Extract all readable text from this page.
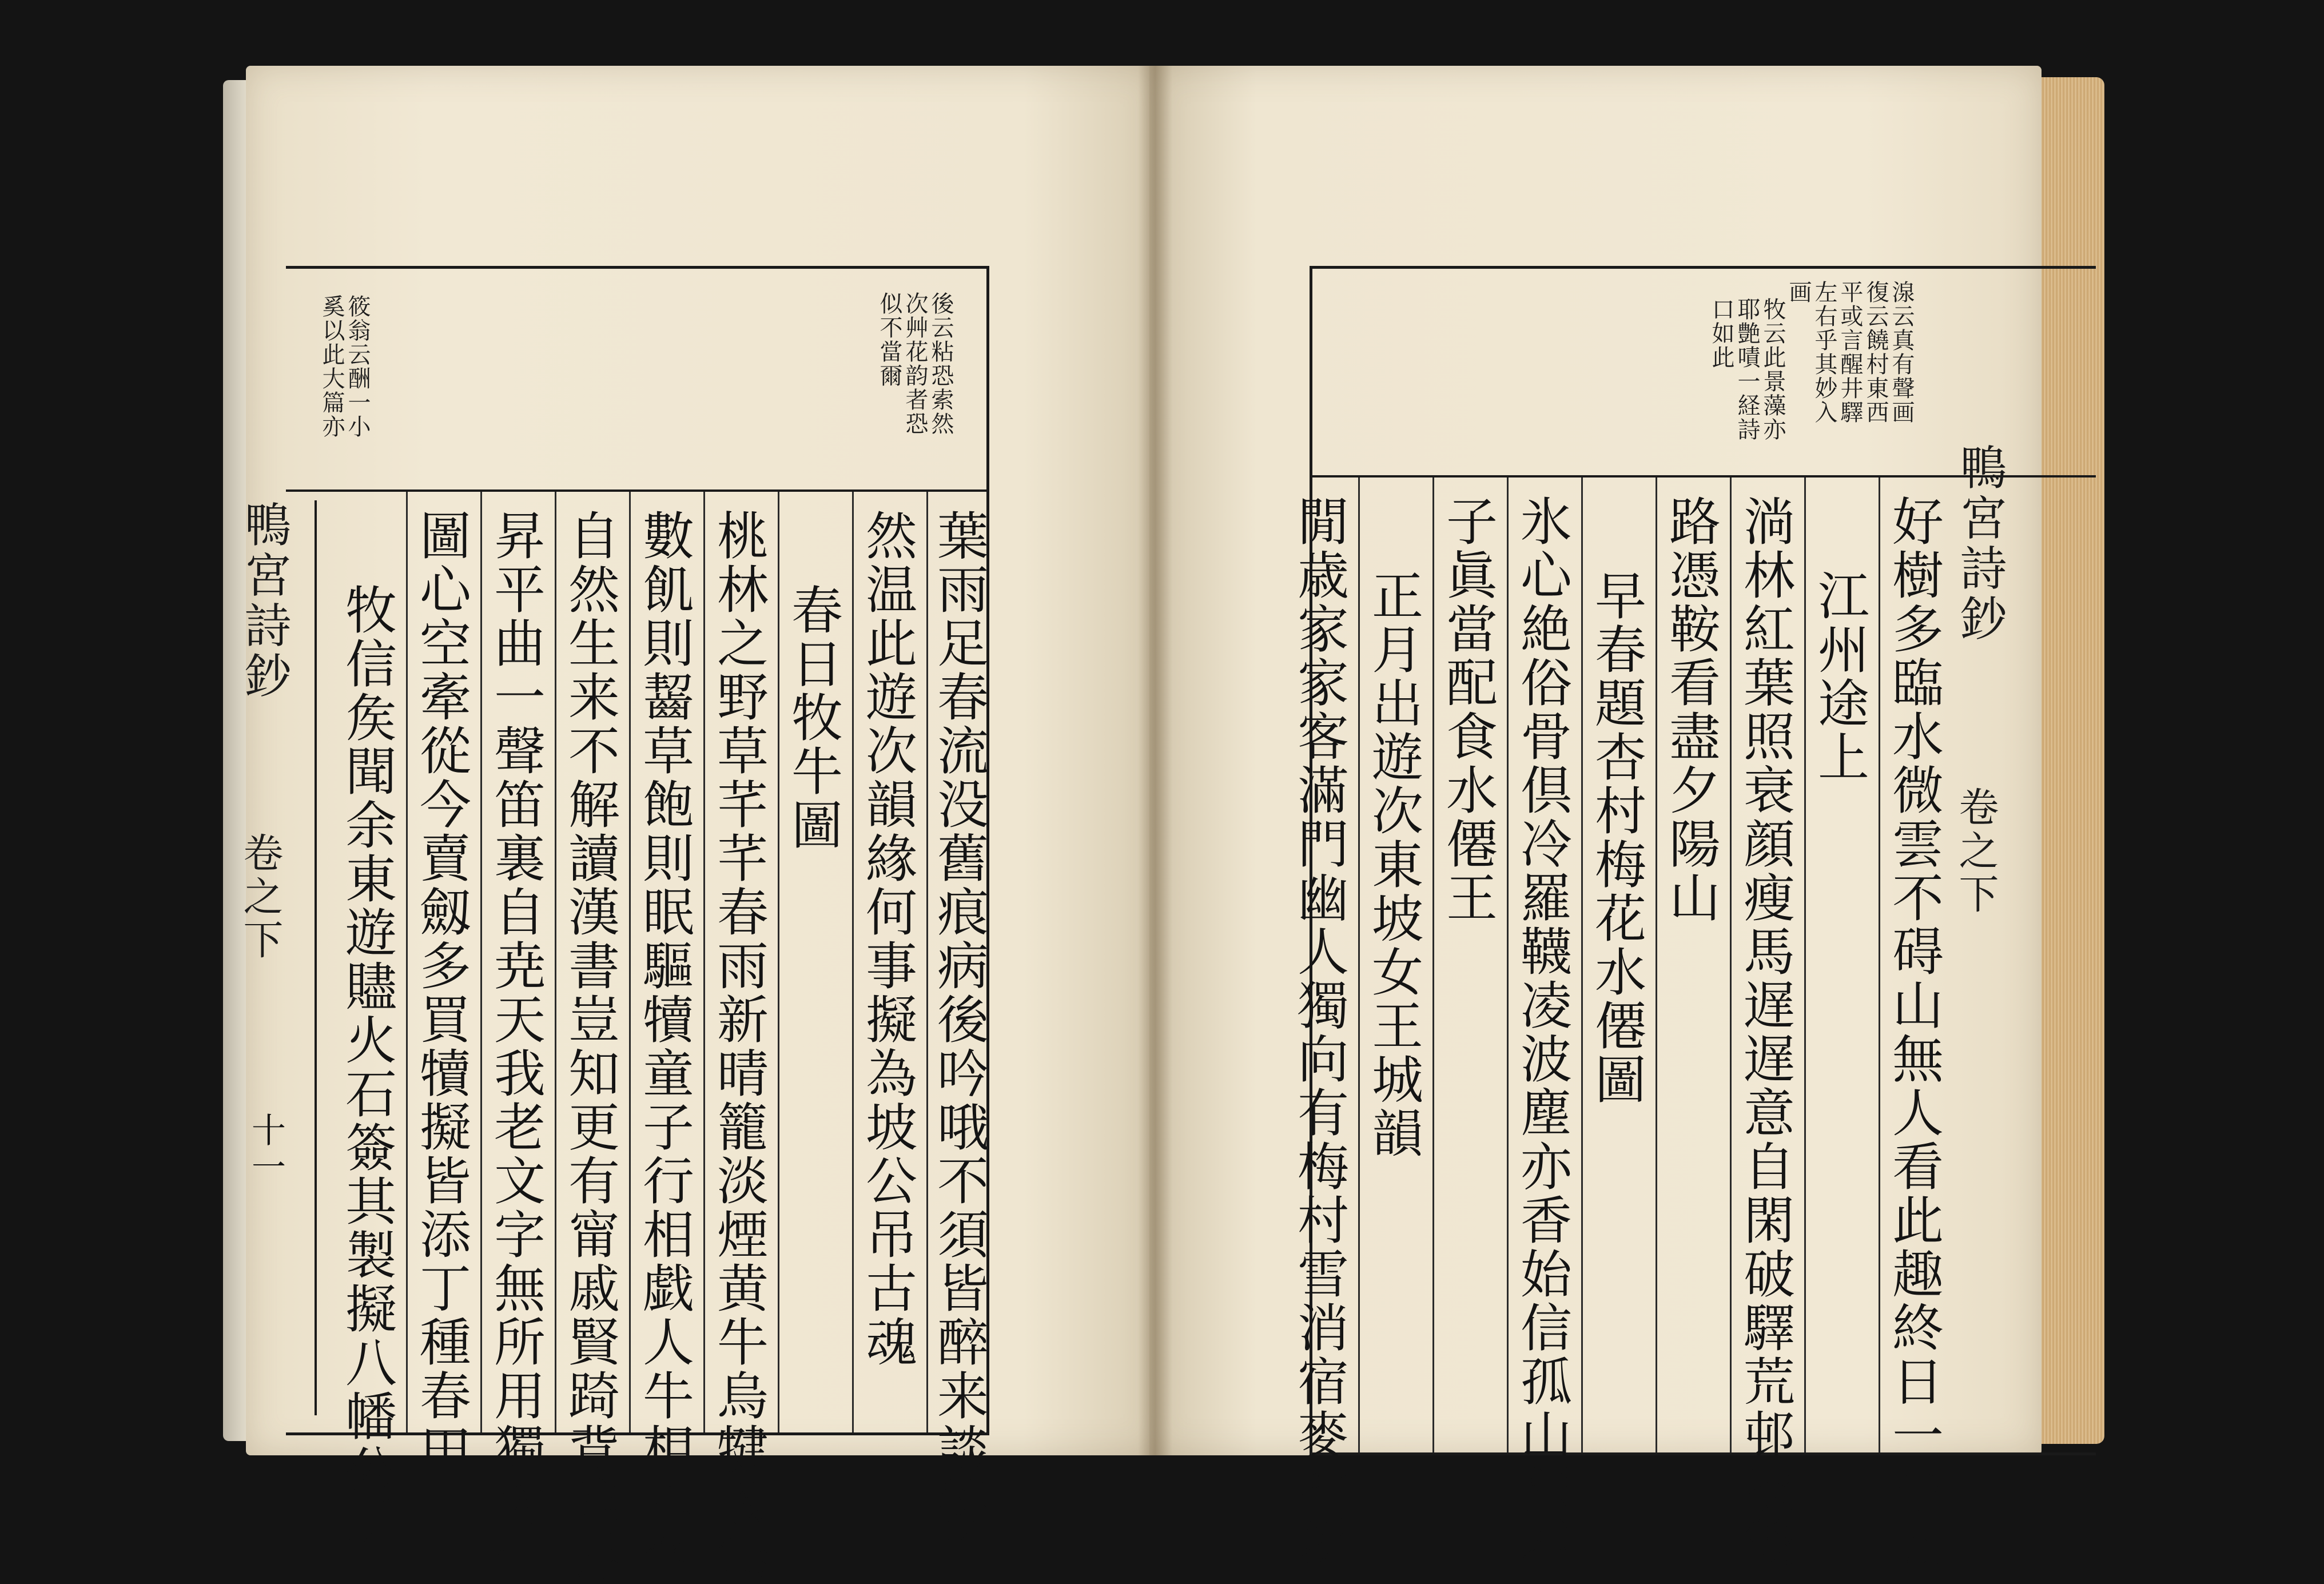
後云粘恐索然
次艸花韵者恐
似不當爾
筱翁云酬一小
奚以此大篇亦
葉雨足春流没舊痕病後吟哦不須皆醉来談笑自
然温此遊次韻緣何事擬為坡公吊古魂
春日牧牛圖
桃林之野草芊芊春雨新晴籠淡煙黄牛烏犍散無
數飢則齧草飽則眠驅犢童子行相戯人牛相忘各
自然生来不解讀漢書豈知更有甯戚賢踦背唯弄
昇平曲一聲笛裏自尭天我老文字無所用獨對牛
圖心空牽從今賣劔多買犢擬皆添丁種春田
牧信矦聞余東遊贐火石簽其製擬八幡公昕
鴨宮詩鈔
卷之下
十一
湶云真有聲画
復云饒村東西
平或言醒井驛
左右乎其妙入
画
牧云此景藻亦
耶艶嘖一経詩
口如此
好樹多臨水微雲不碍山無人看此趣終日一亭閒
江州途上
淌林紅葉照衰顔瘦馬遅遅意自閑破驛荒邨秋後
路憑鞍看盡夕陽山
早春題杏村梅花水僊圖
氷心絶俗骨倶冷羅韈凌波塵亦香始信孤山隱君
子眞當配食水僊王
正月出遊次東坡女王城韻
閒歳家家客滿門幽人獨向有梅村雪消宿麥抽新	鴨宮詩鈔
卷之下
